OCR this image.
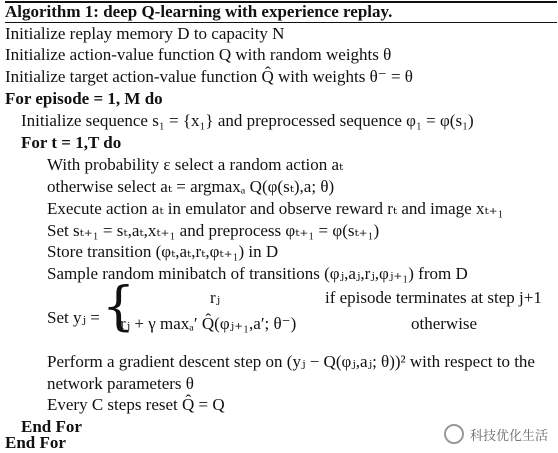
Algorithm 1: deep Q-learning with experience replay.
Initialize replay memory D to capacity N
Initialize action-value function Q with random weights θ
Initialize target action-value function Q̂ with weights θ⁻ = θ
For episode = 1, M do
Initialize sequence s₁ = {x₁} and preprocessed sequence φ₁ = φ(s₁)
For t = 1,T do
With probability ε select a random action aₜ
otherwise select aₜ = argmaxₐ Q(φ(sₜ),a; θ)
Execute action aₜ in emulator and observe reward rₜ and image xₜ₊₁
Set sₜ₊₁ = sₜ,aₜ,xₜ₊₁ and preprocess φₜ₊₁ = φ(sₜ₊₁)
Store transition (φₜ,aₜ,rₜ,φₜ₊₁) in D
Sample random minibatch of transitions (φⱼ,aⱼ,rⱼ,φⱼ₊₁) from D
Set yⱼ = {	rⱼ	if episode terminates at step j+1
rⱼ + γ maxₐ′ Q̂(φⱼ₊₁,a′; θ⁻)	otherwise
Perform a gradient descent step on (yⱼ − Q(φⱼ,aⱼ; θ))² with respect to the
network parameters θ
Every C steps reset Q̂ = Q
End For
End For	科技优化生活
